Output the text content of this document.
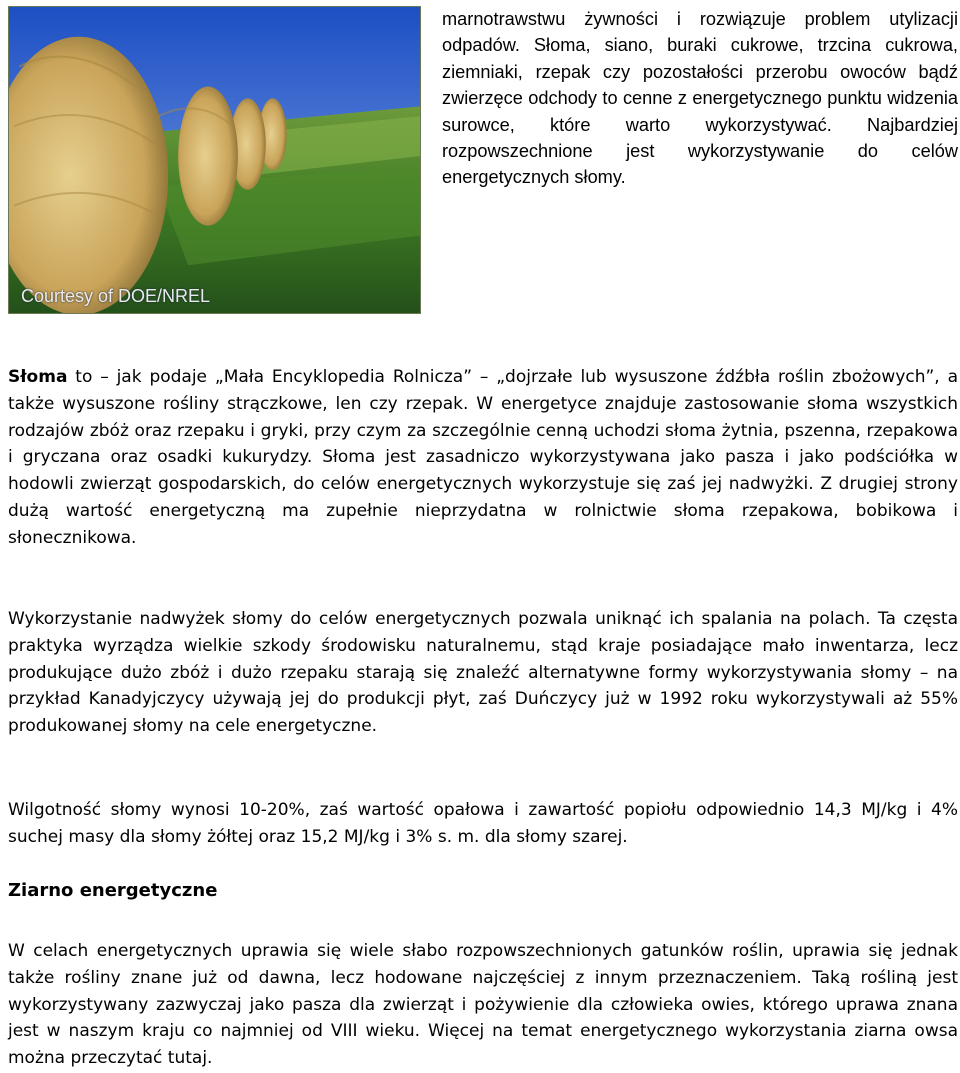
Courtesy of DOE/NREL

marnotrawstwu żywności i rozwiązuje problem utylizacji odpadów. Słoma, siano, buraki cukrowe, trzcina cukrowa, ziemniaki, rzepak czy pozostałości przerobu owoców bądź zwierzęce odchody to cenne z energetycznego punktu widzenia surowce, które warto wykorzystywać. Najbardziej rozpowszechnione jest wykorzystywanie do celów energetycznych słomy.

Słoma to – jak podaje „Mała Encyklopedia Rolnicza” – „dojrzałe lub wysuszone źdźbła roślin zbożowych”, a także wysuszone rośliny strączkowe, len czy rzepak. W energetyce znajduje zastosowanie słoma wszystkich rodzajów zbóż oraz rzepaku i gryki, przy czym za szczególnie cenną uchodzi słoma żytnia, pszenna, rzepakowa i gryczana oraz osadki kukurydzy. Słoma jest zasadniczo wykorzystywana jako pasza i jako podściółka w hodowli zwierząt gospodarskich, do celów energetycznych wykorzystuje się zaś jej nadwyżki. Z drugiej strony dużą wartość energetyczną ma zupełnie nieprzydatna w rolnictwie słoma rzepakowa, bobikowa i słonecznikowa.

Wykorzystanie nadwyżek słomy do celów energetycznych pozwala uniknąć ich spalania na polach. Ta częsta praktyka wyrządza wielkie szkody środowisku naturalnemu, stąd kraje posiadające mało inwentarza, lecz produkujące dużo zbóż i dużo rzepaku starają się znaleźć alternatywne formy wykorzystywania słomy – na przykład Kanadyjczycy używają jej do produkcji płyt, zaś Duńczycy już w 1992 roku wykorzystywali aż 55% produkowanej słomy na cele energetyczne.

Wilgotność słomy wynosi 10-20%, zaś wartość opałowa i zawartość popiołu odpowiednio 14,3 MJ/kg i 4% suchej masy dla słomy żółtej oraz 15,2 MJ/kg i 3% s. m. dla słomy szarej.

Ziarno energetyczne

W celach energetycznych uprawia się wiele słabo rozpowszechnionych gatunków roślin, uprawia się jednak także rośliny znane już od dawna, lecz hodowane najczęściej z innym przeznaczeniem. Taką rośliną jest wykorzystywany zazwyczaj jako pasza dla zwierząt i pożywienie dla człowieka owies, którego uprawa znana jest w naszym kraju co najmniej od VIII wieku. Więcej na temat energetycznego wykorzystania ziarna owsa można przeczytać tutaj.
